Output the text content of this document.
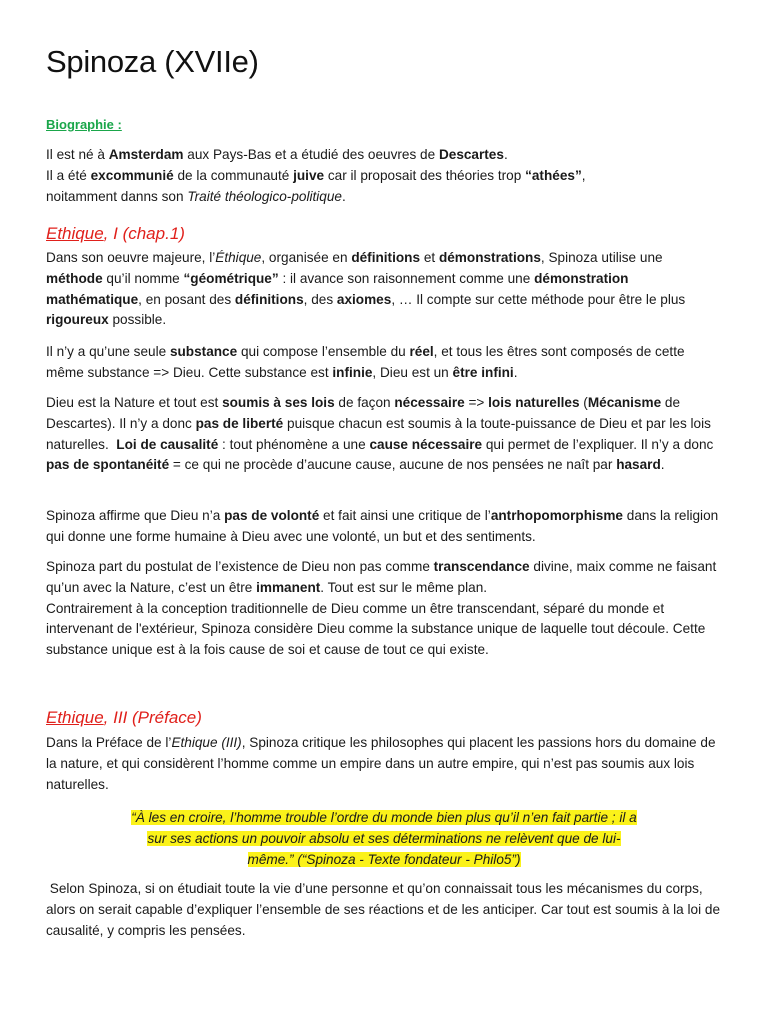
Spinoza (XVIIe)
Biographie :

Il est né à Amsterdam aux Pays-Bas et a étudié des oeuvres de Descartes.
Il a été excommunié de la communauté juive car il proposait des théories trop “athées”,
noitamment danns son Traité théologico-politique.

Ethique, I (chap.1)

Dans son oeuvre majeure, l’Éthique, organisée en définitions et démonstrations, Spinoza utilise une méthode qu’il nomme “géométrique” : il avance son raisonnement comme une démonstration mathématique, en posant des définitions, des axiomes, … Il compte sur cette méthode pour être le plus rigoureux possible.

Il n’y a qu’une seule substance qui compose l’ensemble du réel, et tous les êtres sont composés de cette même substance => Dieu. Cette substance est infinie, Dieu est un être infini.

Dieu est la Nature et tout est soumis à ses lois de façon nécessaire => lois naturelles (Mécanisme de Descartes). Il n’y a donc pas de liberté puisque chacun est soumis à la toute-puissance de Dieu et par les lois naturelles.  Loi de causalité : tout phénomène a une cause nécessaire qui permet de l’expliquer. Il n’y a donc pas de spontanéité = ce qui ne procède d’aucune cause, aucune de nos pensées ne naît par hasard.

Spinoza affirme que Dieu n’a pas de volonté et fait ainsi une critique de l’antrhopomorphisme dans la religion qui donne une forme humaine à Dieu avec une volonté, un but et des sentiments.

Spinoza part du postulat de l’existence de Dieu non pas comme transcendance divine, maix comme ne faisant qu’un avec la Nature, c’est un être immanent. Tout est sur le même plan.
Contrairement à la conception traditionnelle de Dieu comme un être transcendant, séparé du monde et intervenant de l'extérieur, Spinoza considère Dieu comme la substance unique de laquelle tout découle. Cette substance unique est à la fois cause de soi et cause de tout ce qui existe.

Ethique, III (Préface)

Dans la Préface de l’Ethique (III), Spinoza critique les philosophes qui placent les passions hors du domaine de la nature, et qui considèrent l’homme comme un empire dans un autre empire, qui n’est pas soumis aux lois naturelles.

“À les en croire, l’homme trouble l’ordre du monde bien plus qu’il n’en fait partie ; il a
sur ses actions un pouvoir absolu et ses déterminations ne relèvent que de lui-
même.” (“Spinoza - Texte fondateur - Philo5”)

Selon Spinoza, si on étudiait toute la vie d’une personne et qu’on connaissait tous les mécanismes du corps, alors on serait capable d’expliquer l’ensemble de ses réactions et de les anticiper. Car tout est soumis à la loi de causalité, y compris les pensées.
